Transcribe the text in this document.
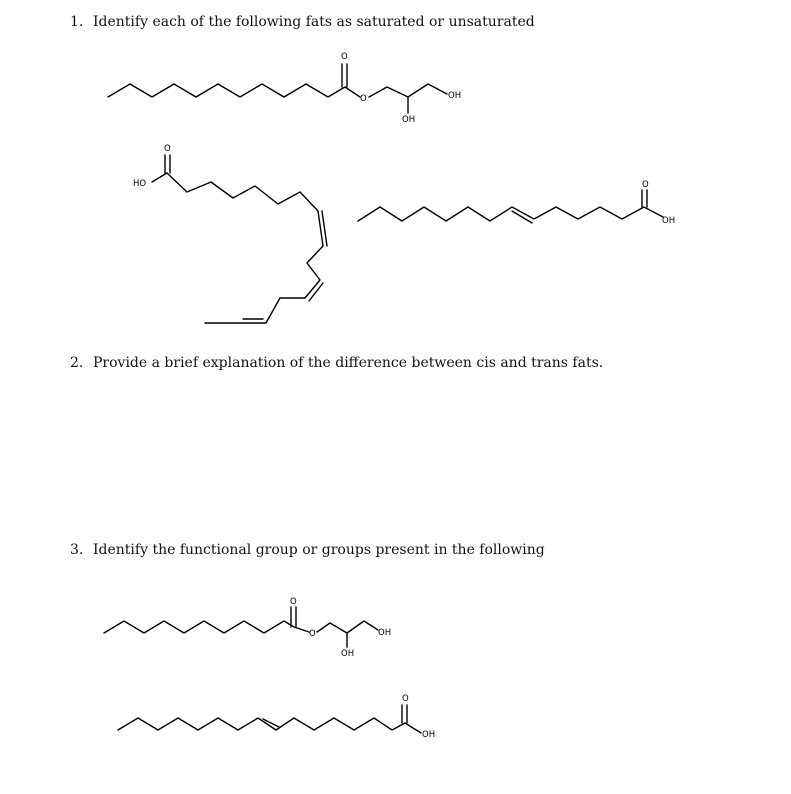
1. Identify each of the following fats as saturated or unsaturated
2. Provide a brief explanation of the difference between cis and trans fats.
3. Identify the functional group or groups present in the following
O
O	OH
OH
HO
O
O
OH
O
O	OH
OH
O
OH
